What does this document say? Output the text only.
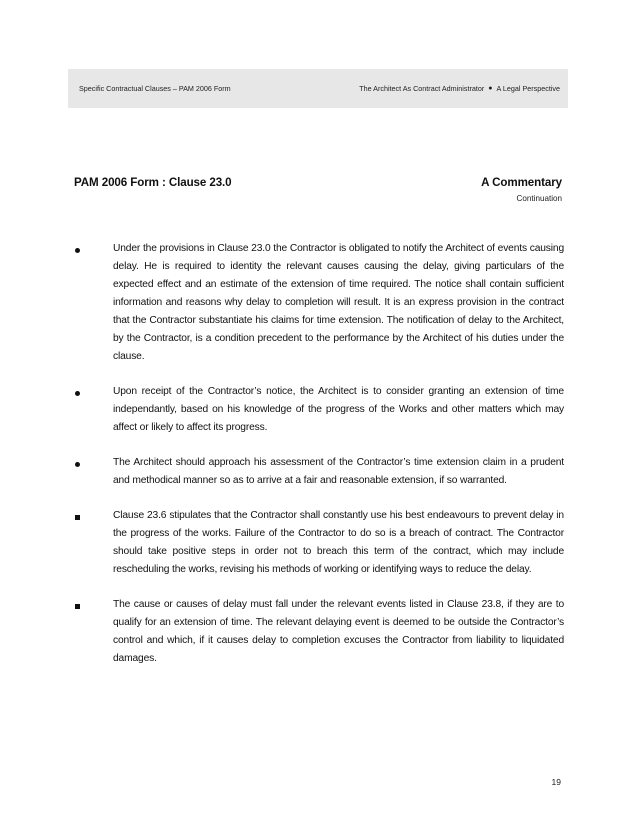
Specific Contractual Clauses – PAM 2006 Form	The Architect As Contract Administrator ● A Legal Perspective
PAM 2006 Form : Clause 23.0	A Commentary
Continuation

Under the provisions in Clause 23.0 the Contractor is obligated to notify the Architect of events causing delay. He is required to identity the relevant causes causing the delay, giving particulars of the expected effect and an estimate of the extension of time required. The notice shall contain sufficient information and reasons why delay to completion will result. It is an express provision in the contract that the Contractor substantiate his claims for time extension. The notification of delay to the Architect, by the Contractor, is a condition precedent to the performance by the Architect of his duties under the clause.

Upon receipt of the Contractor’s notice, the Architect is to consider granting an extension of time independantly, based on his knowledge of the progress of the Works and other matters which may affect or likely to affect its progress.

The Architect should approach his assessment of the Contractor’s time extension claim in a prudent and methodical manner so as to arrive at a fair and reasonable extension, if so warranted.

Clause 23.6 stipulates that the Contractor shall constantly use his best endeavours to prevent delay in the progress of the works. Failure of the Contractor to do so is a breach of contract. The Contractor should take positive steps in order not to breach this term of the contract, which may include rescheduling the works, revising his methods of working or identifying ways to reduce the delay.

The cause or causes of delay must fall under the relevant events listed in Clause 23.8, if they are to qualify for an extension of time. The relevant delaying event is deemed to be outside the Contractor’s control and which, if it causes delay to completion excuses the Contractor from liability to liquidated damages.

19
